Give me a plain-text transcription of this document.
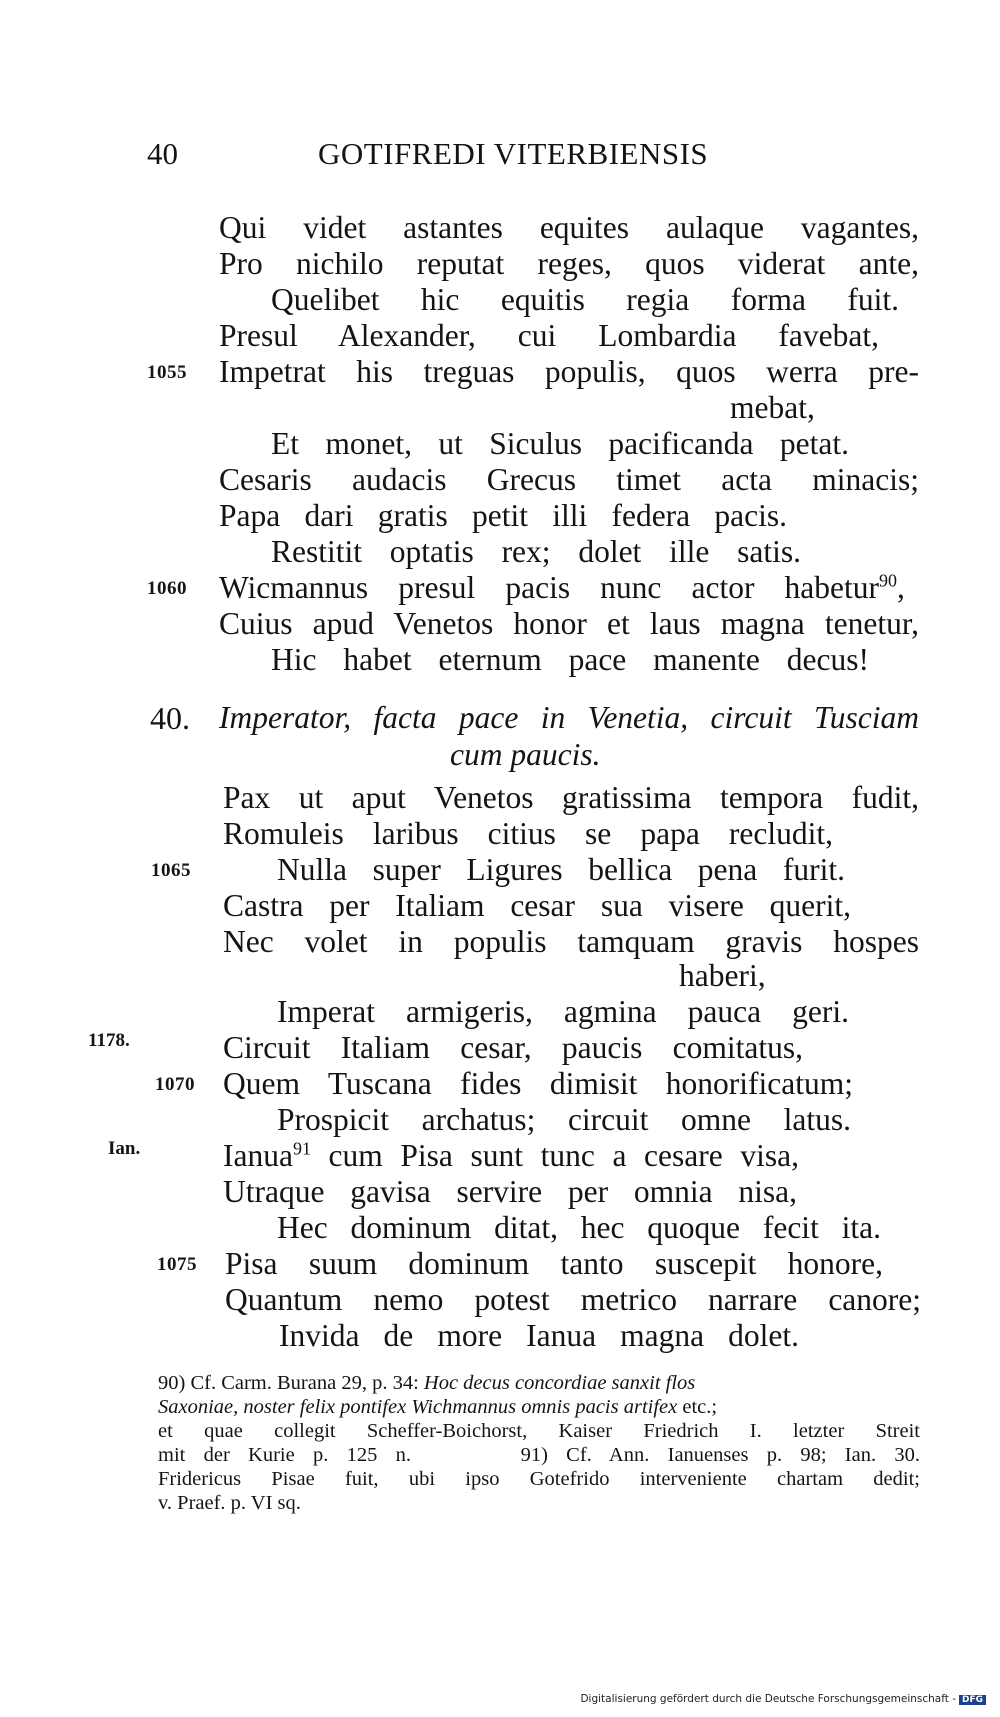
40	GOTIFREDI VITERBIENSIS
Qui videt astantes equites aulaque vagantes,
Pro nichilo reputat reges, quos viderat ante,
Quelibet hic equitis regia forma fuit.
Presul Alexander, cui Lombardia favebat,
1055 Impetrat his treguas populis, quos werra pre-
mebat,
Et monet, ut Siculus pacificanda petat.
Cesaris audacis Grecus timet acta minacis;
Papa dari gratis petit illi federa pacis.
Restitit optatis rex; dolet ille satis.
1060 Wicmannus presul pacis nunc actor habetur$^{90}$,
Cuius apud Venetos honor et laus magna tenetur,
Hic habet eternum pace manente decus!
40. Imperator, facta pace in Venetia, circuit Tusciam
cum paucis.
Pax ut aput Venetos gratissima tempora fudit,
Romuleis laribus citius se papa recludit,
1065	Nulla super Ligures bellica pena furit.
Castra per Italiam cesar sua visere querit,
Nec volet in populis tamquam gravis hospes
haberi,
Imperat armigeris, agmina pauca geri.
1178.	Circuit Italiam cesar, paucis comitatus,
1070 Quem Tuscana fides dimisit honorificatum;
Prospicit archatus; circuit omne latus.
Ian.	Ianua$^{91}$ cum Pisa sunt tunc a cesare visa,
Utraque gavisa servire per omnia nisa,
Hec dominum ditat, hec quoque fecit ita.
1075 Pisa suum dominum tanto suscepit honore,
Quantum nemo potest metrico narrare canore;
Invida de more Ianua magna dolet.
90) Cf. Carm. Burana 29, p. 34: Hoc decus concordiae sanxit flos
Saxoniae, noster felix pontifex Wichmannus omnis pacis artifex etc.;
et quae collegit Scheffer-Boichorst, Kaiser Friedrich I. letzter Streit
mit der Kurie p. 125 n.      91) Cf. Ann. Ianuenses p. 98; Ian. 30.
Fridericus Pisae fuit, ubi ipso Gotefrido interveniente chartam dedit;
v. Praef. p. VI sq.
Digitalisierung gefördert durch die Deutsche Forschungsgemeinschaft - DFG
